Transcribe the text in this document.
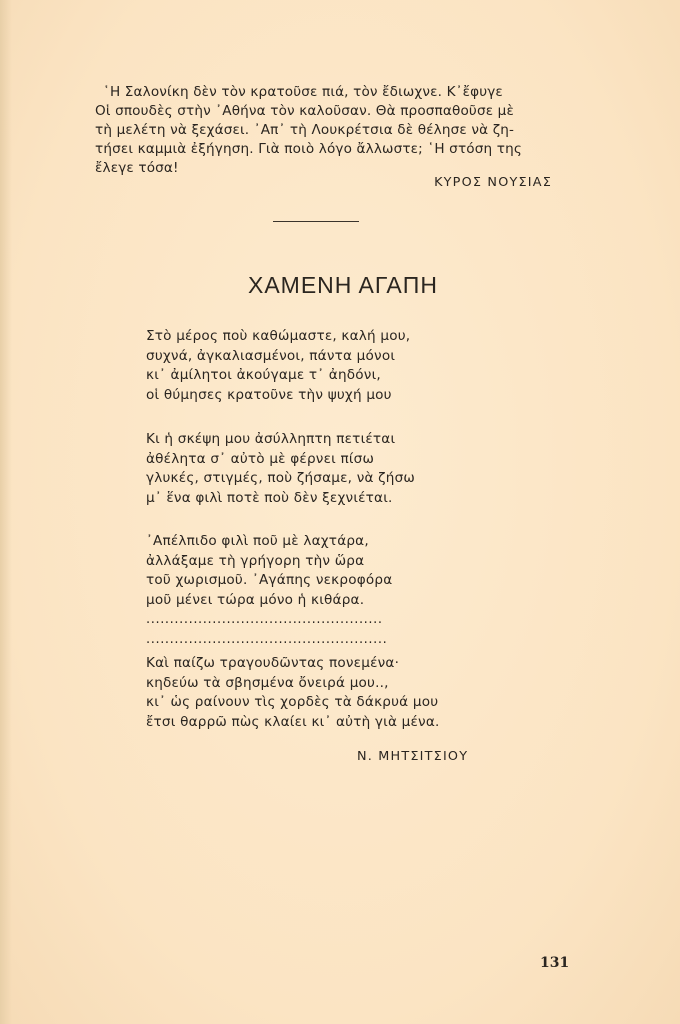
῾Η Σαλονίκη δὲν τὸν κρατοῦσε πιά, τὸν ἔδιωχνε. Κ᾽ἔφυγε
Οἱ σπουδὲς στὴν ᾽Αθήνα τὸν καλοῦσαν. Θὰ προσπαθοῦσε μὲ
τὴ μελέτη νὰ ξεχάσει. ᾽Απ᾽ τὴ Λουκρέτσια δὲ θέλησε νὰ ζη-
τήσει καμμιὰ ἐξήγηση. Γιὰ ποιὸ λόγο ἄλλωστε; ῾Η στόση της
ἔλεγε τόσα!
ΚΥΡΟΣ ΝΟΥΣΙΑΣ
ΧΑΜΕΝΗ ΑΓΑΠΗ
Στὸ μέρος ποὺ καθώμαστε, καλή μου,
συχνά, ἀγκαλιασμένοι, πάντα μόνοι
κι᾽ ἀμίλητοι ἀκούγαμε τ᾽ ἀηδόνι,
οἱ θύμησες κρατοῦνε τὴν ψυχή μου
Κι ἡ σκέψη μου ἀσύλληπτη πετιέται
ἀθέλητα σ᾽ αὐτὸ μὲ φέρνει πίσω
γλυκές, στιγμές, ποὺ ζήσαμε, νὰ ζήσω
μ᾽ ἕνα φιλὶ ποτὲ ποὺ δὲν ξεχνιέται.
᾽Απέλπιδο φιλὶ ποῦ μὲ λαχτάρα,
ἀλλάξαμε τὴ γρήγορη τὴν ὥρα
τοῦ χωρισμοῦ. ᾽Αγάπης νεκροφόρα
μοῦ μένει τώρα μόνο ἡ κιθάρα.
..................................................
...................................................
Καὶ παίζω τραγουδῶντας πονεμένα·
κηδεύω τὰ σβησμένα ὄνειρά μου..,
κι᾽ ὡς ραίνουν τὶς χορδὲς τὰ δάκρυά μου
ἔτσι θαρρῶ πὼς κλαίει κι᾽ αὐτὴ γιὰ μένα.
Ν. ΜΗΤΣΙΤΣΙΟΥ
131
